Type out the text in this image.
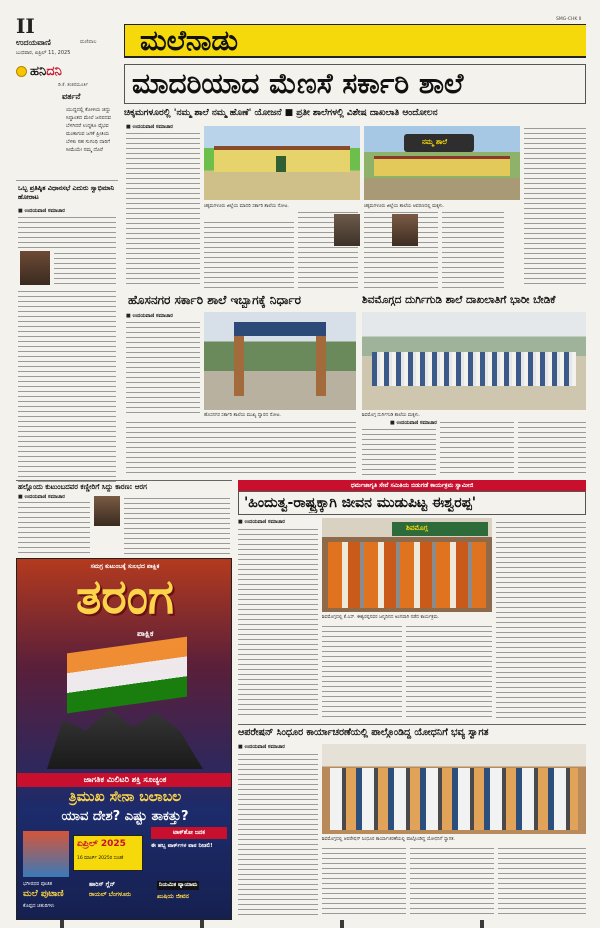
II
ಉದಯವಾಣಿ	ಮಣಿಪಾಲ
ಬುಧವಾರ, ಏಪ್ರಿಲ್ 11, 2025 ಮಲೆನಾಡು
SMG-CHK II
ಹನಿದನಿ
ಡಿ.ಕೆ. ಶಂಕರಮೂರ್ತಿ
ವರ್ತನೆ
ಯುದ್ಧದಲ್ಲಿ ಕೋಳಿಯ ಜಿದ್ದು ಸಿದ್ಧಾಂತದ ಮೇಲೆ ಜನಪದವ ಬೆಳಗಿದರೆ ಉದ್ದಕೂ ವೈಭವ ಮಂಕಾಗುವ ಜಗಕೆ ಪ್ರೀತಿಯ ಬೆಳಕು ಸಹ ಸುಗಂಧಿ ದಾರಿಗೆ ಸೀಮೆಯೇ ನಮ್ಮ ದೊರೆ
ಒಬ್ಬ ಪ್ರತಿಷ್ಠಿತ ವಿಧಾನಸಭೆ ಎದುರು ಸ್ವಾಭಿಮಾನಿ ಹೋರಾಟ
■ ಉದಯವಾಣಿ ಸಮಾಚಾರ
ಮಾದರಿಯಾದ ಮೆಣಸೆ ಸರ್ಕಾರಿ ಶಾಲೆ
ಚಿಕ್ಕಮಗಳೂರಲ್ಲಿ 'ನಮ್ಮ ಶಾಲೆ ನಮ್ಮ ಹೊಣೆ' ಯೋಜನೆ ■ ಪ್ರತೀ ಶಾಲೆಗಳಲ್ಲಿ ವಿಶೇಷ ದಾಖಲಾತಿ ಆಂದೋಲನ
■ ಉದಯವಾಣಿ ಸಮಾಚಾರ
ಚಿಕ್ಕಮಗಳೂರು ಜಿಲ್ಲೆಯ ಮಾದರಿ ಸರ್ಕಾರಿ ಶಾಲೆಯ ನೋಟ.
ನಮ್ಮ ಶಾಲೆ
ಚಿಕ್ಕಮಗಳೂರು ಜಿಲ್ಲೆಯ ಶಾಲೆಯ ಆವರಣದಲ್ಲಿ ಮಕ್ಕಳು.
ಹೊಸನಗರ ಸರ್ಕಾರಿ ಶಾಲೆ ಇಬ್ಬಾಗಕ್ಕೆ ನಿರ್ಧಾರ
■ ಉದಯವಾಣಿ ಸಮಾಚಾರ
ಹೊಸನಗರ ಸರ್ಕಾರಿ ಶಾಲೆಯ ಮುಖ್ಯ ದ್ವಾರದ ನೋಟ.
ಶಿವಮೊಗ್ಗದ ದುರ್ಗಿಗುಡಿ ಶಾಲೆ ದಾಖಲಾತಿಗೆ ಭಾರೀ ಬೇಡಿಕೆ
ಶಿವಮೊಗ್ಗ ದುರ್ಗಿಗುಡಿ ಶಾಲೆಯ ಮಕ್ಕಳು.
■ ಉದಯವಾಣಿ ಸಮಾಚಾರ
ಹಲ್ಲೊಂದು ಕುಟುಂಬದವರ ಕಣ್ಣೀರಿಗೆ ಸಿದ್ದು ಕಾರಣ: ಆರಗ
■ ಉದಯವಾಣಿ ಸಮಾಚಾರ
ಸಮಗ್ರ ಕುಟುಂಬಕ್ಕೆ ಸುಲಭದ ಪಾಕ್ಷಿಕ
ತರಂಗ
ಪಾಕ್ಷಿಕ
ಜಾಗತಿಕ ಮಿಲಿಟರಿ ಶಕ್ತಿ ಸೂಚ್ಯಂಕ
ತ್ರಿಮುಖ ಸೇನಾ ಬಲಾಬಲ
ಯಾವ ದೇಶ? ಎಷ್ಟು ತಾಕತ್ತು?
ಏಪ್ರಿಲ್ 2025
16 ಮಾರ್ಚ್ 2025ರ ಸಂಚಿಕೆ
ಟಾಕ್‌ಶೋ ಜನಕ
ಈ ಹಬ್ಬ ಪಾರ್ಕ್‌ಗಳ ಪಾಠ ನೀಡಲಿ!
ಭಗೀರಥರ ಪೂಜಿತ
ಮಲೆ ಪುಟಾಣಿ
ಕೊಪ್ಪದ ಚತುರಿಗಳು
ಹಾರಿಸ್ ಗ್ಲೆನ್
ರಾಯಲ್ ಬೆಂಗಳೂರು
ನಿಯಮಿತ ವ್ಯಾಯಾಮ
ಖುಷಿಯ ಜೀವನ
ಧರ್ಮಜಾಗೃತಿ ಸೇವೆ ಸಮಿತಿಯ ಬಿಡುಗಡೆ ಕಾರ್ಯಕ್ರಮ ಸ್ವಾಮೀಜಿ
'ಹಿಂದುತ್ವ-ರಾಷ್ಟ್ರಕ್ಕಾಗಿ ಜೀವನ ಮುಡುಪಿಟ್ಟ ಈಶ್ವರಪ್ಪ'
■ ಉದಯವಾಣಿ ಸಮಾಚಾರ
ಶಿವಮೊಗ್ಗ
ಶಿವಮೊಗ್ಗದಲ್ಲಿ ಕೆ.ಎಸ್. ಈಶ್ವರಪ್ಪನವರ ಜನ್ಮದಿನದ ಅಂಗವಾಗಿ ನಡೆದ ಕಾರ್ಯಕ್ರಮ.
ಆಪರೇಷನ್ ಸಿಂಧೂರ ಕಾರ್ಯಾಚರಣೆಯಲ್ಲಿ ಪಾಲ್ಗೊಂಡಿದ್ದ ಯೋಧನಿಗೆ ಭವ್ಯ ಸ್ವಾಗತ
■ ಉದಯವಾಣಿ ಸಮಾಚಾರ
ಶಿವಮೊಗ್ಗದಲ್ಲಿ ಆಪರೇಷನ್ ಸಿಂಧೂರ ಕಾರ್ಯಾಚರಣೆಯಲ್ಲಿ ಪಾಲ್ಗೊಂಡಿದ್ದ ಯೋಧನಿಗೆ ಸ್ವಾಗತ.
